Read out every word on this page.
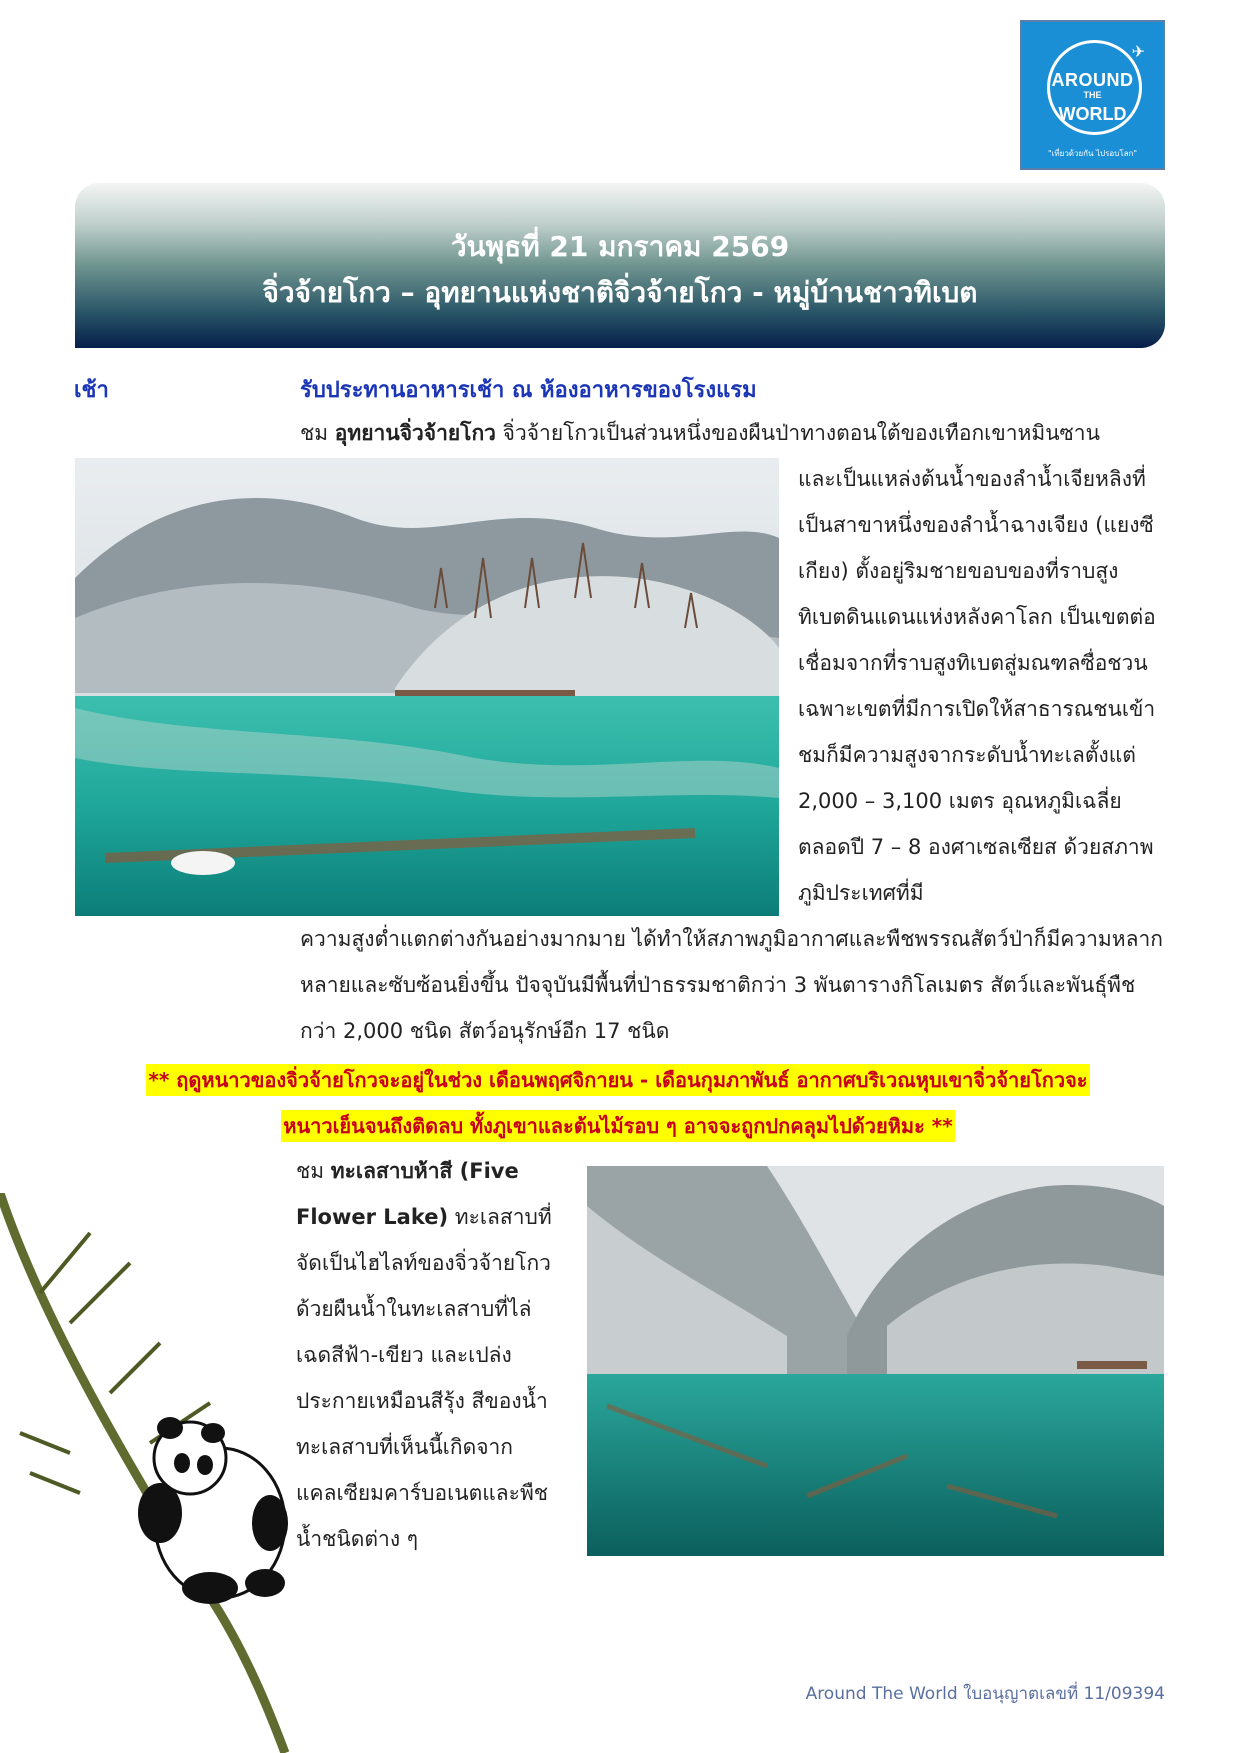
✈
AROUND
THE
WORLD
"เที่ยวด้วยกัน ไปรอบโลก"
วันพุธที่ 21 มกราคม 2569
จิ่วจ้ายโกว – อุทยานแห่งชาติจิ่วจ้ายโกว - หมู่บ้านชาวทิเบต
เช้า	รับประทานอาหารเช้า ณ ห้องอาหารของโรงแรม
ชม อุทยานจิ่วจ้ายโกว จิ่วจ้ายโกวเป็นส่วนหนึ่งของผืนป่าทางตอนใต้ของเทือกเขาหมินซาน
และเป็นแหล่งต้นน้ำของลำน้ำเจียหลิงที่เป็นสาขาหนึ่งของลำน้ำฉางเจียง (แยงซีเกียง) ตั้งอยู่ริมชายขอบของที่ราบสูงทิเบตดินแดนแห่งหลังคาโลก เป็นเขตต่อเชื่อมจากที่ราบสูงทิเบตสู่มณฑลซื่อชวน เฉพาะเขตที่มีการเปิดให้สาธารณชนเข้าชมก็มีความสูงจากระดับน้ำทะเลตั้งแต่ 2,000 – 3,100 เมตร อุณหภูมิเฉลี่ยตลอดปี 7 – 8 องศาเซลเซียส ด้วยสภาพภูมิประเทศที่มี
ความสูงต่ำแตกต่างกันอย่างมากมาย ได้ทำให้สภาพภูมิอากาศและพืชพรรณสัตว์ป่าก็มีความหลากหลายและซับซ้อนยิ่งขึ้น ปัจจุบันมีพื้นที่ป่าธรรมชาติกว่า 3 พันตารางกิโลเมตร สัตว์และพันธุ์พืชกว่า 2,000 ชนิด สัตว์อนุรักษ์อีก 17 ชนิด
** ฤดูหนาวของจิ่วจ้ายโกวจะอยู่ในช่วง เดือนพฤศจิกายน - เดือนกุมภาพันธ์ อากาศบริเวณหุบเขาจิ่วจ้ายโกวจะ
หนาวเย็นจนถึงติดลบ ทั้งภูเขาและต้นไม้รอบ ๆ อาจจะถูกปกคลุมไปด้วยหิมะ **
ชม ทะเลสาบห้าสี (Five Flower Lake) ทะเลสาบที่จัดเป็นไฮไลท์ของจิ่วจ้ายโกว ด้วยผืนน้ำในทะเลสาบที่ไล่เฉดสีฟ้า-เขียว และเปล่งประกายเหมือนสีรุ้ง สีของน้ำทะเลสาบที่เห็นนี้เกิดจากแคลเซียมคาร์บอเนตและพืชน้ำชนิดต่าง ๆ
Around The World ใบอนุญาตเลขที่ 11/09394
